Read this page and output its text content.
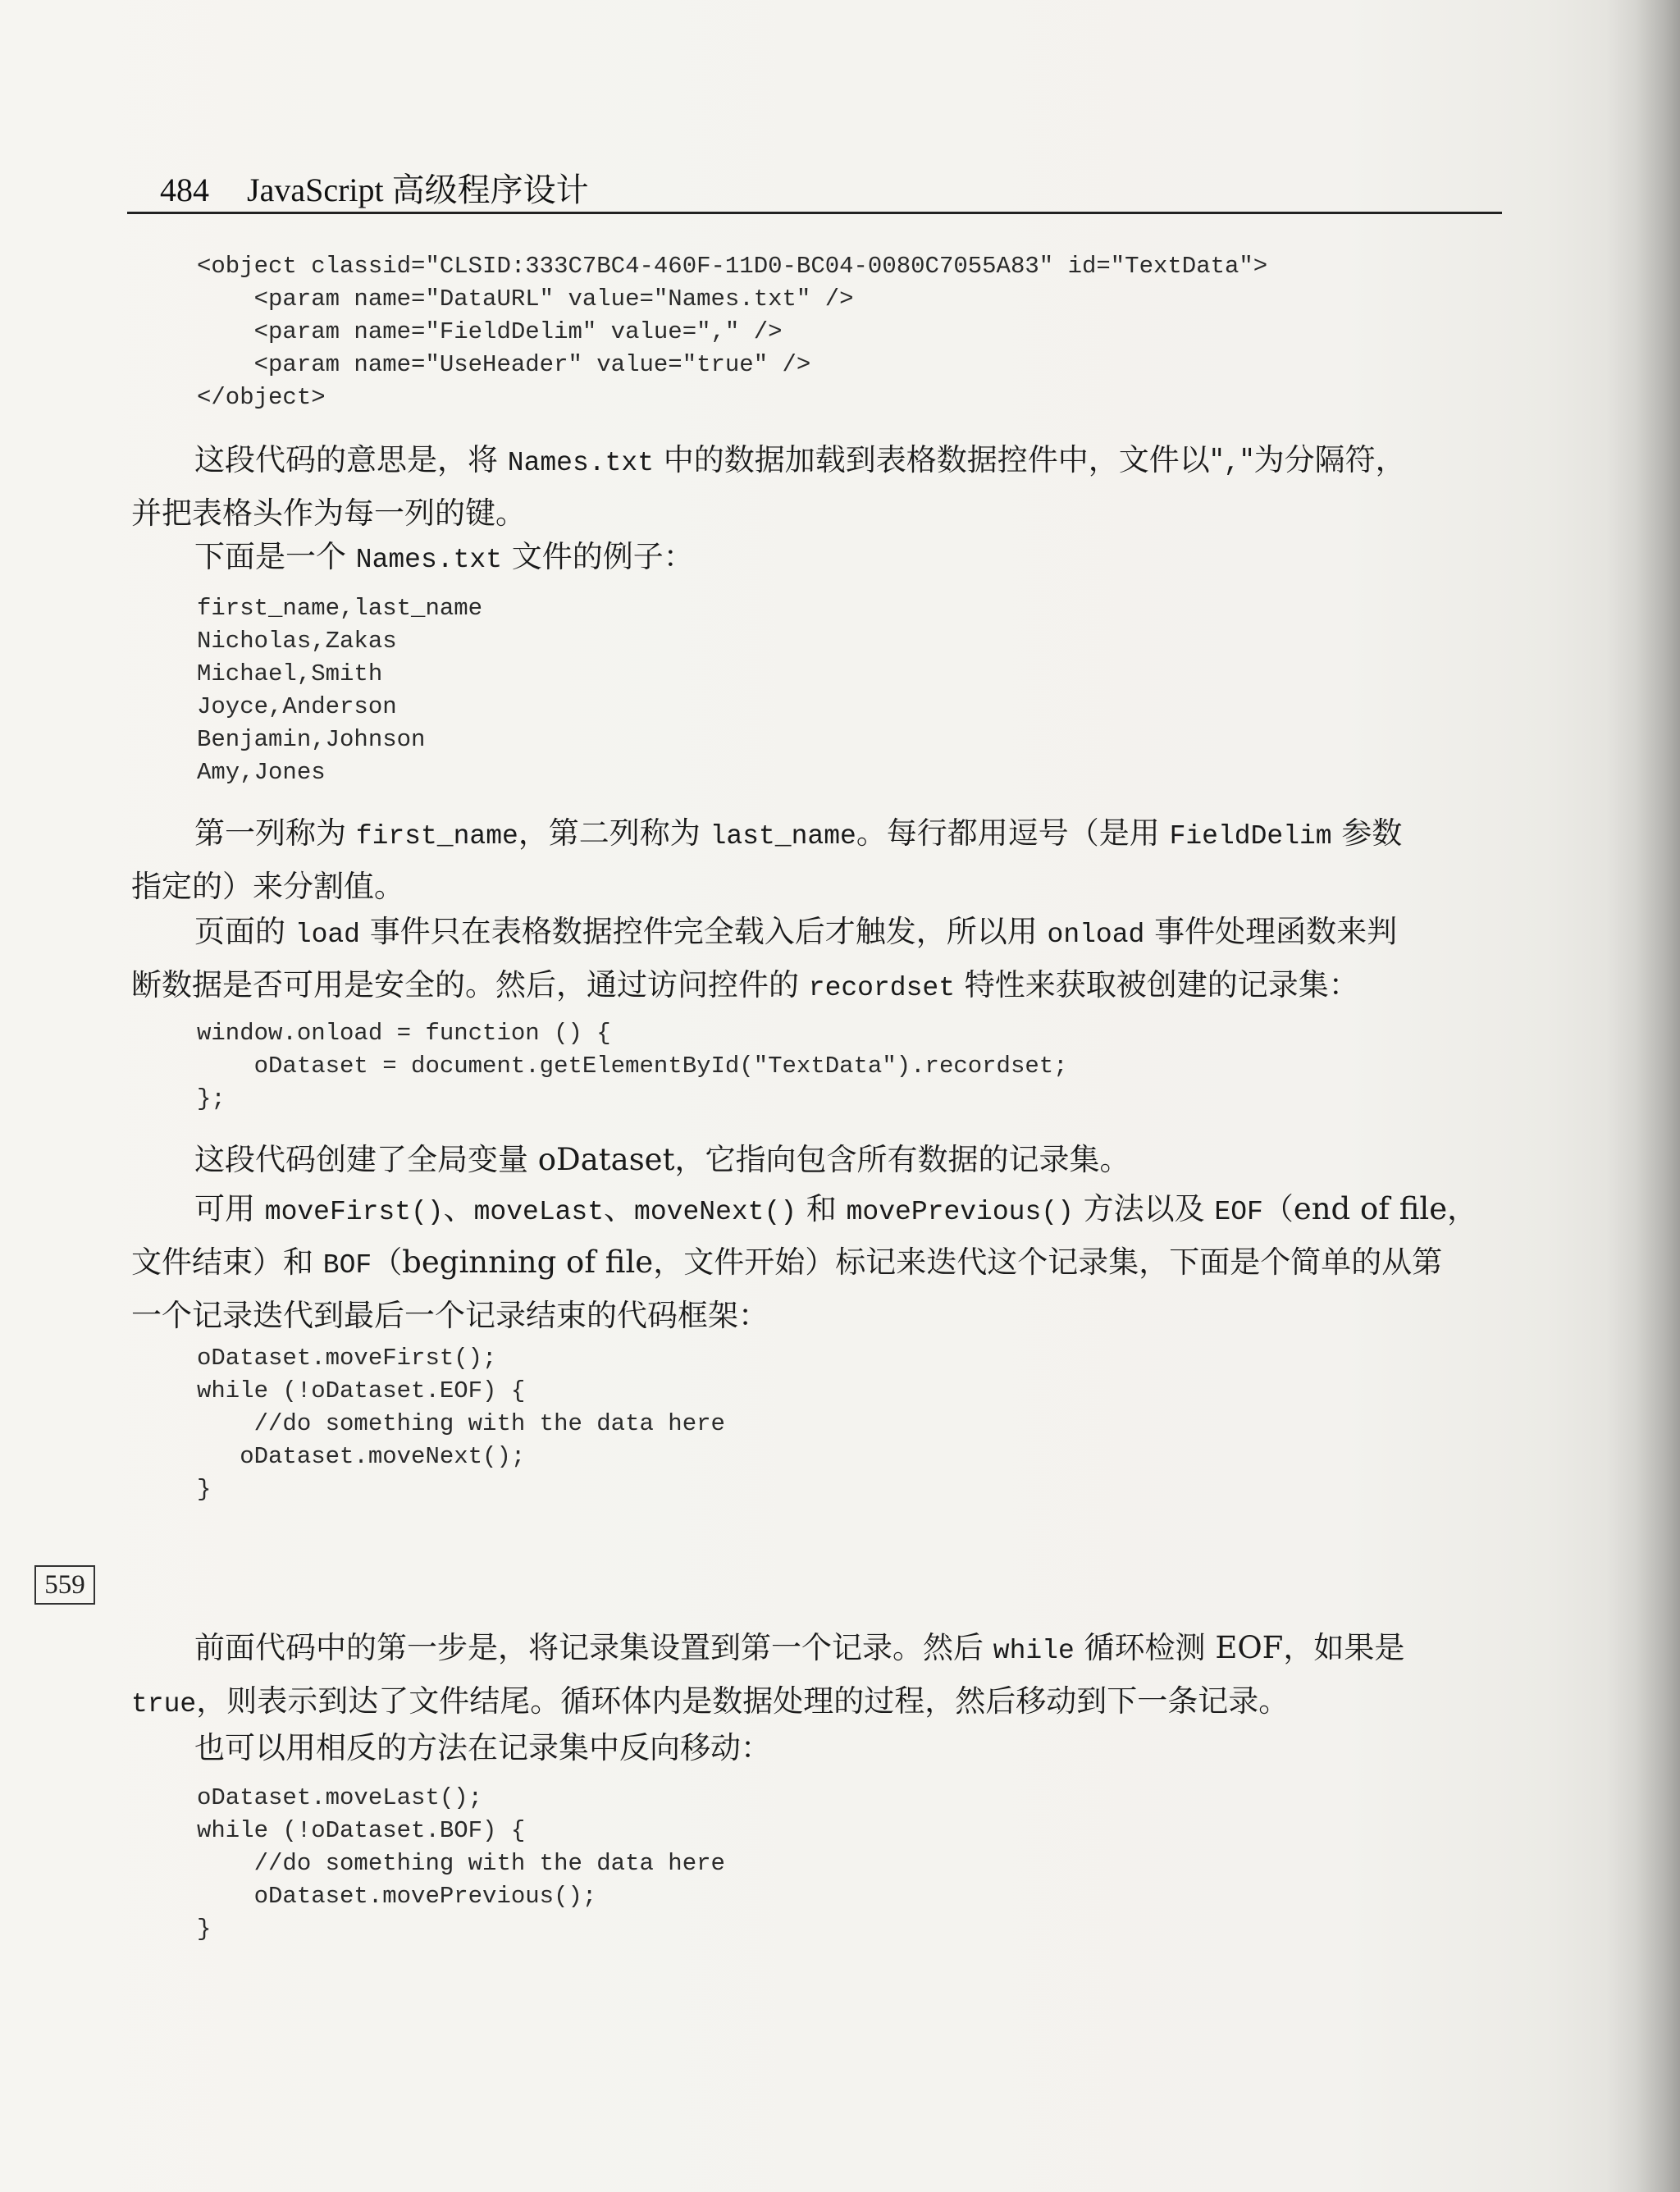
484 JavaScript 高级程序设计
<object classid="CLSID:333C7BC4-460F-11D0-BC04-0080C7055A83" id="TextData">
<param name="DataURL" value="Names.txt" />
<param name="FieldDelim" value="," />
<param name="UseHeader" value="true" />
</object>
这段代码的意思是，将 Names.txt 中的数据加载到表格数据控件中，文件以","为分隔符，
并把表格头作为每一列的键。
下面是一个 Names.txt 文件的例子：
first_name,last_name
Nicholas,Zakas
Michael,Smith
Joyce,Anderson
Benjamin,Johnson
Amy,Jones
第一列称为 first_name，第二列称为 last_name。每行都用逗号（是用 FieldDelim 参数
指定的）来分割值。
页面的 load 事件只在表格数据控件完全载入后才触发，所以用 onload 事件处理函数来判
断数据是否可用是安全的。然后，通过访问控件的 recordset 特性来获取被创建的记录集：
window.onload = function () {
oDataset = document.getElementById("TextData").recordset;
};
这段代码创建了全局变量 oDataset，它指向包含所有数据的记录集。
可用 moveFirst()、moveLast、moveNext() 和 movePrevious() 方法以及 EOF（end of file，
文件结束）和 BOF（beginning of file，文件开始）标记来迭代这个记录集，下面是个简单的从第
一个记录迭代到最后一个记录结束的代码框架：
oDataset.moveFirst();
while (!oDataset.EOF) {
//do something with the data here
oDataset.moveNext();
}
559
前面代码中的第一步是，将记录集设置到第一个记录。然后 while 循环检测 EOF，如果是
true，则表示到达了文件结尾。循环体内是数据处理的过程，然后移动到下一条记录。
也可以用相反的方法在记录集中反向移动：
oDataset.moveLast();
while (!oDataset.BOF) {
//do something with the data here
oDataset.movePrevious();
}
